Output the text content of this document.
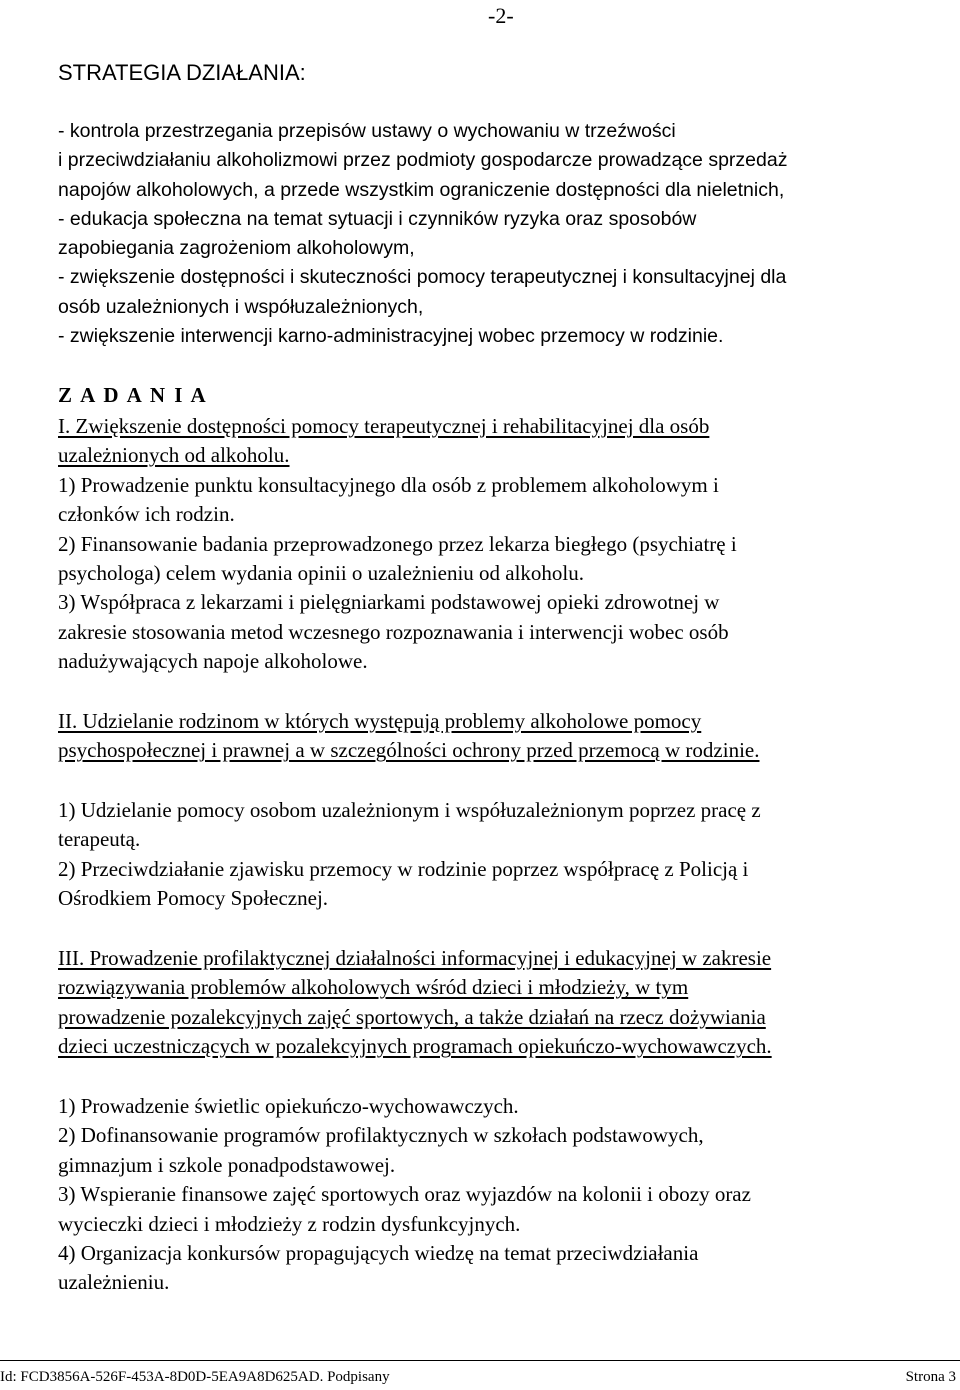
-2-
STRATEGIA DZIAŁANIA:
- kontrola przestrzegania przepisów ustawy o wychowaniu w trzeźwości
i przeciwdziałaniu alkoholizmowi przez podmioty gospodarcze prowadzące sprzedaż
napojów alkoholowych, a przede wszystkim ograniczenie dostępności dla nieletnich,
- edukacja społeczna na temat sytuacji i czynników ryzyka oraz sposobów
zapobiegania zagrożeniom alkoholowym,
- zwiększenie dostępności i skuteczności pomocy terapeutycznej i konsultacyjnej dla
osób uzależnionych i współuzależnionych,
- zwiększenie interwencji karno-administracyjnej wobec przemocy w rodzinie.
Z A D A N I A
I. Zwiększenie dostępności pomocy terapeutycznej i rehabilitacyjnej dla osób
uzależnionych od alkoholu.
1) Prowadzenie punktu konsultacyjnego dla osób z problemem alkoholowym i
członków ich rodzin.
2) Finansowanie badania przeprowadzonego przez lekarza biegłego (psychiatrę i
psychologa) celem wydania opinii o uzależnieniu od alkoholu.
3) Współpraca z lekarzami i pielęgniarkami podstawowej opieki zdrowotnej w
zakresie stosowania metod wczesnego rozpoznawania i interwencji wobec osób
nadużywających napoje alkoholowe.
II. Udzielanie rodzinom w których występują problemy alkoholowe pomocy
psychospołecznej i prawnej a w szczególności ochrony przed przemocą w rodzinie.
1) Udzielanie pomocy osobom uzależnionym i współuzależnionym poprzez pracę z
terapeutą.
2) Przeciwdziałanie zjawisku przemocy w rodzinie poprzez współpracę z Policją i
Ośrodkiem Pomocy Społecznej.
III. Prowadzenie profilaktycznej działalności informacyjnej i edukacyjnej w zakresie
rozwiązywania problemów alkoholowych wśród dzieci i młodzieży, w tym
prowadzenie pozalekcyjnych zajęć sportowych, a także działań na rzecz dożywiania
dzieci uczestniczących w pozalekcyjnych programach opiekuńczo-wychowawczych.
1) Prowadzenie świetlic opiekuńczo-wychowawczych.
2) Dofinansowanie programów profilaktycznych w szkołach podstawowych,
gimnazjum i szkole ponadpodstawowej.
3) Wspieranie finansowe zajęć sportowych oraz wyjazdów na kolonii i obozy oraz
wycieczki dzieci i młodzieży z rodzin dysfunkcyjnych.
4) Organizacja konkursów propagujących wiedzę na temat przeciwdziałania
uzależnieniu.
Id: FCD3856A-526F-453A-8D0D-5EA9A8D625AD. Podpisany	Strona 3
